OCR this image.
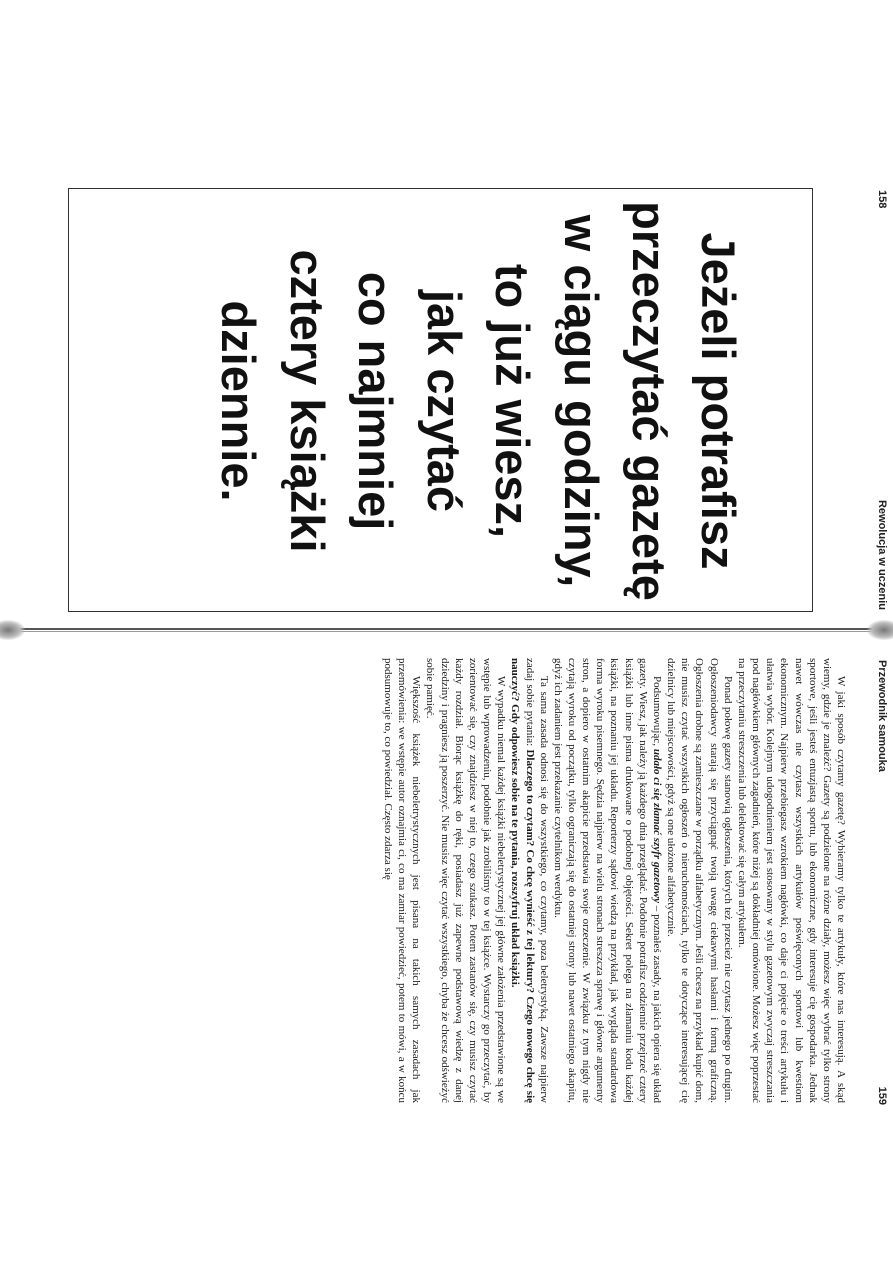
158
Rewolucja w uczeniu
Jeżeli potrafisz
przeczytać gazetę
w ciągu godziny,
to już wiesz,
jak czytać
co najmniej
cztery książki
dziennie.
Przewodnik samouka
159

W jaki sposób czytamy gazetę? Wybieramy tylko te artykuły, które nas interesują. A skąd wiemy, gdzie je znaleźć? Gazety są podzielone na różne działy, możesz więc wybrać tylko strony sportowe, jeśli jesteś entuzjastą sportu, lub ekonomiczne, gdy interesuje cię gospodarka. Jednak nawet wówczas nie czytasz wszystkich artykułów poświęconych sportowi lub kwestiom ekonomicznym. Najpierw przebiegasz wzrokiem nagłówki, co daje ci pojęcie o treści artykułu i ułatwia wybór. Kolejnym udogodnieniem jest stosowany w stylu gazetowym zwyczaj streszczania pod nagłówkiem głównych zagadnień, które niżej są dokładniej omówione. Możesz więc poprzestać na przeczytaniu streszczenia lub delektować się całym artykułem.

Ponad połowę gazety stanowią ogłoszenia, których też przecież nie czytasz jednego po drugim. Ogłoszeniodawcy starają się przyciągnąć twoją uwagę ciekawymi hasłami i formą graficzną. Ogłoszenia drobne są zamieszczane w porządku alfabetycznym. Jeśli chcesz na przykład kupić dom, nie musisz czytać wszystkich ogłoszeń o nieruchomościach, tylko te dotyczące interesującej cię dzielnicy lub miejscowości, gdyż są one ułożone alfabetycznie.

Podsumowując, udało ci się złamać szyfr gazetowy – poznałeś zasady, na jakich opiera się układ gazety. Wiesz, jak należy ją każdego dnia przeglądać. Podobnie potrafisz codziennie przejrzeć cztery książki lub inne pisma drukowane o podobnej objętości. Sekret polega na złamaniu kodu każdej książki, na poznaniu jej układu. Reporterzy sądowi wiedzą na przykład, jak wygląda standardowa forma wyroku pisemnego. Sędzia najpierw na wielu stronach streszcza sprawę i główne argumenty stron, a dopiero w ostatnim akapicie przedstawia swoje orzeczenie. W związku z tym nigdy nie czytają wyroku od początku, tylko ograniczają się do ostatniej strony lub nawet ostatniego akapitu, gdyż ich zadaniem jest przekazanie czytelnikom werdyktu.

Ta sama zasada odnosi się do wszystkiego, co czytamy, poza beletrystyką. Zawsze najpierw zadaj sobie pytania: Dlaczego to czytam? Co chcę wynieść z tej lektury? Czego nowego chcę się nauczyć? Gdy odpowiesz sobie na te pytania, rozszyfruj układ książki.

W wypadku niemal każdej książki niebeletrystycznej jej główne założenia przedstawione są we wstępie lub wprowadzeniu, podobnie jak zrobiliśmy to w tej książce. Wystarczy go przeczytać, by zorientować się, czy znajdziesz w niej to, czego szukasz. Potem zastanów się, czy musisz czytać każdy rozdział. Biorąc książkę do ręki, posiadasz już zapewne podstawową wiedzę z danej dziedziny i pragniesz ją poszerzyć. Nie musisz więc czytać wszystkiego, chyba że chcesz odświeżyć sobie pamięć.

Większość książek niebeletrystycznych jest pisana na takich samych zasadach jak przemówienia: we wstępie autor oznajmia ci, co ma zamiar powiedzieć, potem to mówi, a w końcu podsumowuje to, co powiedział. Często zdarza się
